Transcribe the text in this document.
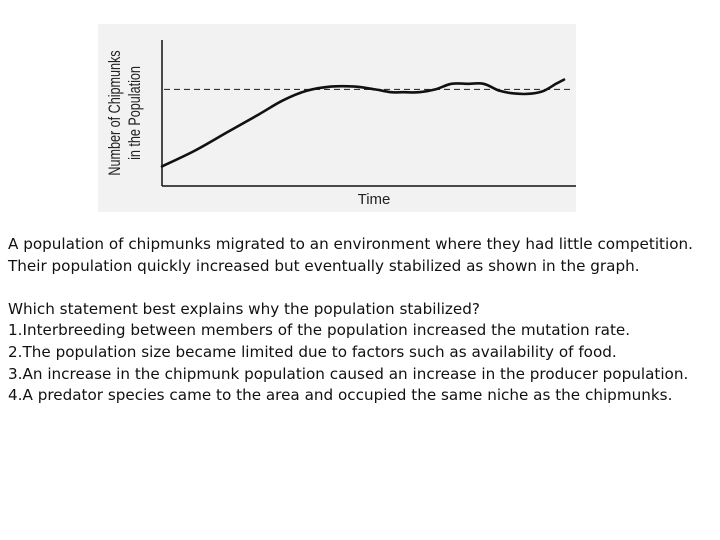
Number of Chipmunks in the Population
Time

A population of chipmunks migrated to an environment where they had little competition. Their population quickly increased but eventually stabilized as shown in the graph.

Which statement best explains why the population stabilized?

1.Interbreeding between members of the population increased the mutation rate.

2.The population size became limited due to factors such as availability of food.

3.An increase in the chipmunk population caused an increase in the producer population.

4.A predator species came to the area and occupied the same niche as the chipmunks.
